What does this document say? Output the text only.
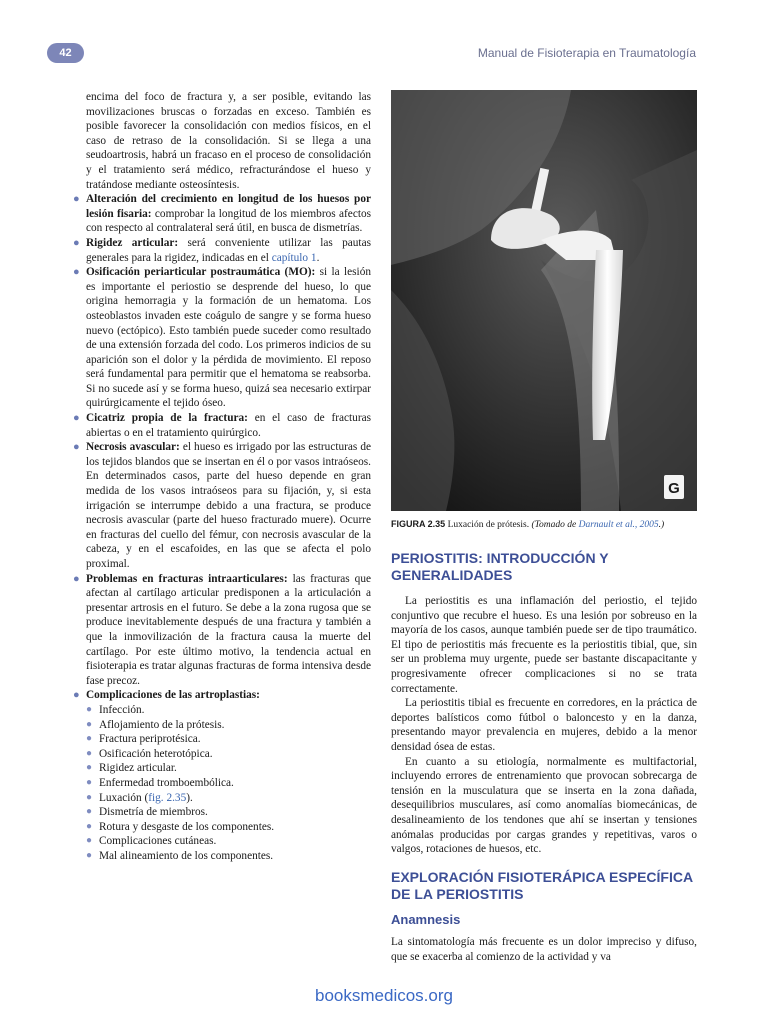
42	Manual de Fisioterapia en Traumatología

encima del foco de fractura y, a ser posible, evitando las movilizaciones bruscas o forzadas en exceso. También es posible favorecer la consolidación con medios físicos, en el caso de retraso de la consolidación. Si se llega a una seudoartrosis, habrá un fracaso en el proceso de consolidación y el tratamiento será médico, refracturándose el hueso y tratándose mediante osteosíntesis.

● Alteración del crecimiento en longitud de los huesos por lesión fisaria: comprobar la longitud de los miembros afectos con respecto al contralateral será útil, en busca de dismetrías.

● Rigidez articular: será conveniente utilizar las pautas generales para la rigidez, indicadas en el capítulo 1.

● Osificación periarticular postraumática (MO): si la lesión es importante el periostio se desprende del hueso, lo que origina hemorragia y la formación de un hematoma. Los osteoblastos invaden este coágulo de sangre y se forma hueso nuevo (ectópico). Esto también puede suceder como resultado de una extensión forzada del codo. Los primeros indicios de su aparición son el dolor y la pérdida de movimiento. El reposo será fundamental para permitir que el hematoma se reabsorba. Si no sucede así y se forma hueso, quizá sea necesario extirpar quirúrgicamente el tejido óseo.

● Cicatriz propia de la fractura: en el caso de fracturas abiertas o en el tratamiento quirúrgico.

● Necrosis avascular: el hueso es irrigado por las estructuras de los tejidos blandos que se insertan en él o por vasos intraóseos. En determinados casos, parte del hueso depende en gran medida de los vasos intraóseos para su fijación, y, si esta irrigación se interrumpe debido a una fractura, se produce necrosis avascular (parte del hueso fracturado muere). Ocurre en fracturas del cuello del fémur, con necrosis avascular de la cabeza, y en el escafoides, en las que se afecta el polo proximal.

● Problemas en fracturas intraarticulares: las fracturas que afectan al cartílago articular predisponen a la articulación a presentar artrosis en el futuro. Se debe a la zona rugosa que se produce inevitablemente después de una fractura y también a que la inmovilización de la fractura causa la muerte del cartílago. Por este último motivo, la tendencia actual en fisioterapia es tratar algunas fracturas de forma intensiva desde fase precoz.

● Complicaciones de las artroplastias:

● Infección.

● Aflojamiento de la prótesis.

● Fractura periprotésica.

● Osificación heterotópica.

● Rigidez articular.

● Enfermedad tromboembólica.

● Luxación (fig. 2.35).

● Dismetría de miembros.

● Rotura y desgaste de los componentes.

● Complicaciones cutáneas.

● Mal alineamiento de los componentes.

G
FIGURA 2.35 Luxación de prótesis. (Tomado de Darnault et al., 2005.)
PERIOSTITIS: INTRODUCCIÓN Y GENERALIDADES

La periostitis es una inflamación del periostio, el tejido conjuntivo que recubre el hueso. Es una lesión por sobreuso en la mayoría de los casos, aunque también puede ser de tipo traumático. El tipo de periostitis más frecuente es la periostitis tibial, que, sin ser un problema muy urgente, puede ser bastante discapacitante y progresivamente ofrecer complicaciones si no se trata correctamente.

La periostitis tibial es frecuente en corredores, en la práctica de deportes balísticos como fútbol o baloncesto y en la danza, presentando mayor prevalencia en mujeres, debido a la menor densidad ósea de estas.

En cuanto a su etiología, normalmente es multifactorial, incluyendo errores de entrenamiento que provocan sobrecarga de tensión en la musculatura que se inserta en la zona dañada, desequilibrios musculares, así como anomalías biomecánicas, de desalineamiento de los tendones que ahí se insertan y tensiones anómalas producidas por cargas grandes y repetitivas, varos o valgos, rotaciones de huesos, etc.

EXPLORACIÓN FISIOTERÁPICA ESPECÍFICA DE LA PERIOSTITIS
Anamnesis

La sintomatología más frecuente es un dolor impreciso y difuso, que se exacerba al comienzo de la actividad y va

booksmedicos.org
